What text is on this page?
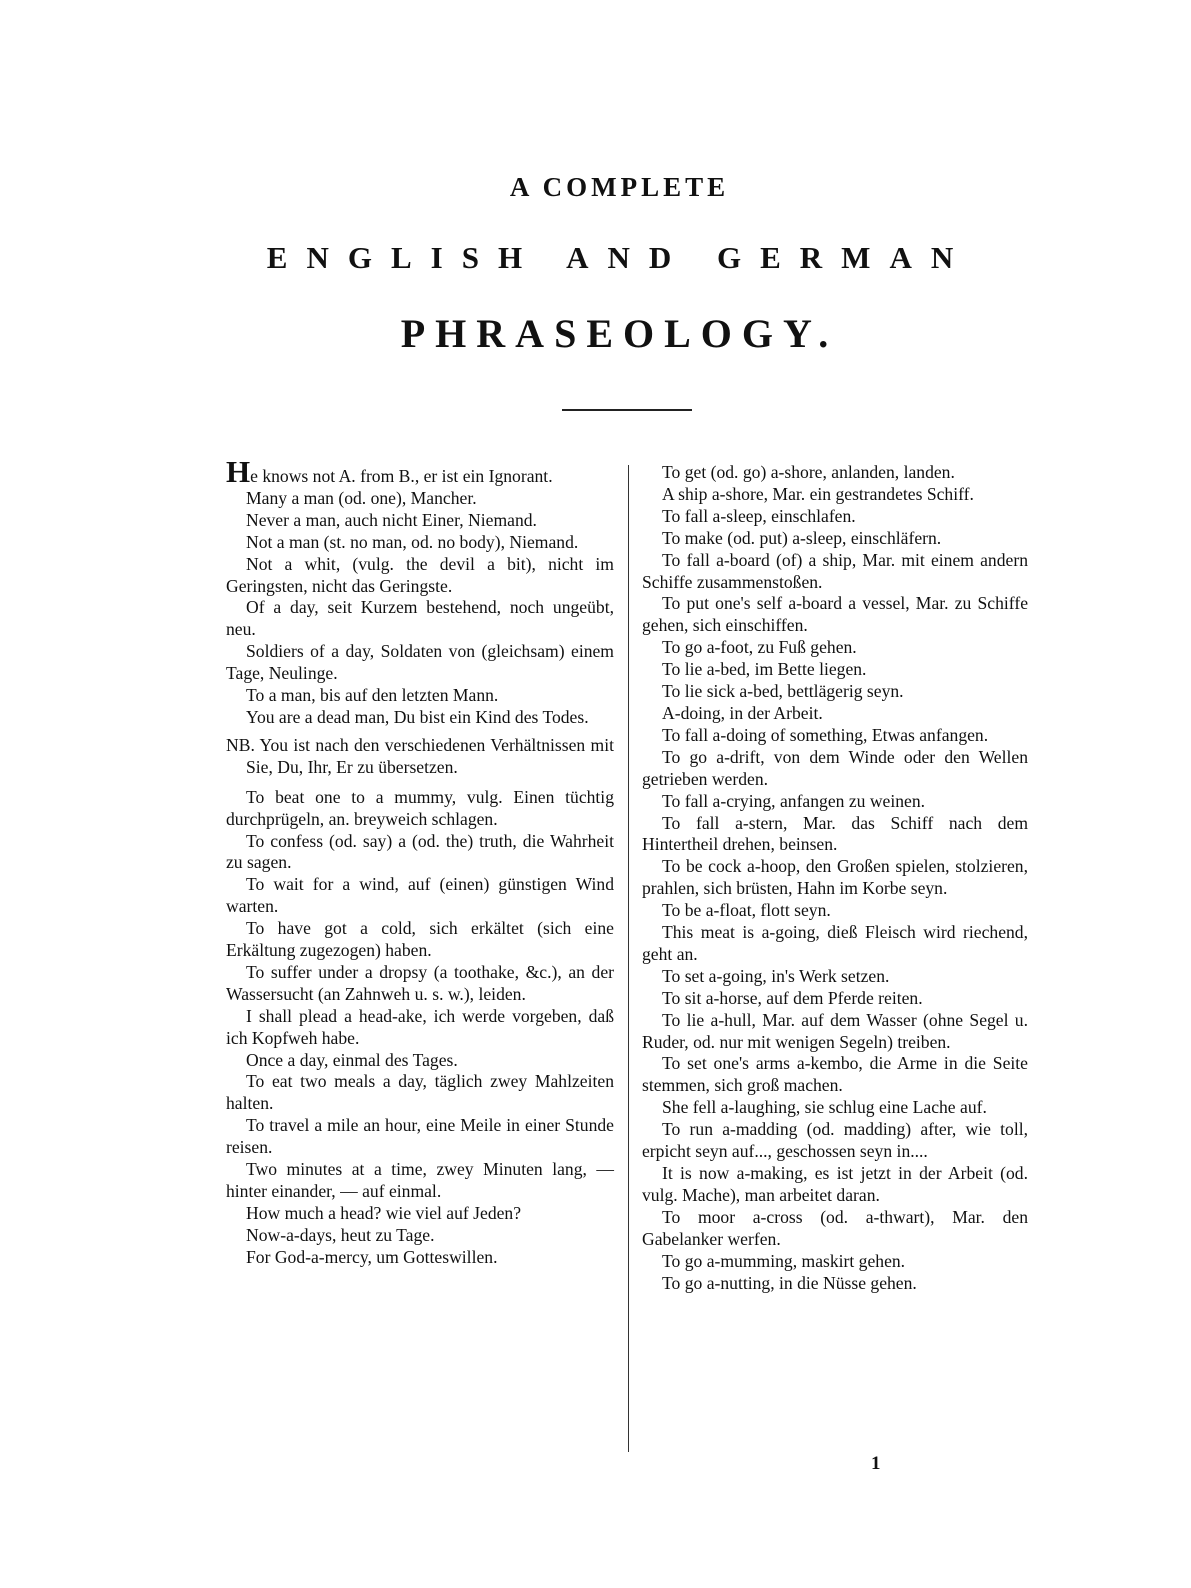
A COMPLETE
ENGLISH AND GERMAN
PHRASEOLOGY.

He knows not A. from B., er ist ein Ignorant.

Many a man (od. one), Mancher.

Never a man, auch nicht Einer, Niemand.

Not a man (st. no man, od. no body), Niemand.

Not a whit, (vulg. the devil a bit), nicht im Geringsten, nicht das Geringste.

Of a day, seit Kurzem bestehend, noch ungeübt, neu.

Soldiers of a day, Soldaten von (gleichsam) einem Tage, Neulinge.

To a man, bis auf den letzten Mann.

You are a dead man, Du bist ein Kind des Todes.

NB. You ist nach den verschiedenen Verhältnissen mit Sie, Du, Ihr, Er zu übersetzen.

To beat one to a mummy, vulg. Einen tüchtig durchprügeln, an. breyweich schlagen.

To confess (od. say) a (od. the) truth, die Wahrheit zu sagen.

To wait for a wind, auf (einen) günstigen Wind warten.

To have got a cold, sich erkältet (sich eine Erkältung zugezogen) haben.

To suffer under a dropsy (a toothake, &c.), an der Wassersucht (an Zahnweh u. s. w.), leiden.

I shall plead a head-ake, ich werde vorgeben, daß ich Kopfweh habe.

Once a day, einmal des Tages.

To eat two meals a day, täglich zwey Mahlzeiten halten.

To travel a mile an hour, eine Meile in einer Stunde reisen.

Two minutes at a time, zwey Minuten lang, — hinter einander, — auf einmal.

How much a head? wie viel auf Jeden?

Now-a-days, heut zu Tage.

For God-a-mercy, um Gotteswillen.

To get (od. go) a-shore, anlanden, landen.

A ship a-shore, Mar. ein gestrandetes Schiff.

To fall a-sleep, einschlafen.

To make (od. put) a-sleep, einschläfern.

To fall a-board (of) a ship, Mar. mit einem andern Schiffe zusammenstoßen.

To put one's self a-board a vessel, Mar. zu Schiffe gehen, sich einschiffen.

To go a-foot, zu Fuß gehen.

To lie a-bed, im Bette liegen.

To lie sick a-bed, bettlägerig seyn.

A-doing, in der Arbeit.

To fall a-doing of something, Etwas anfangen.

To go a-drift, von dem Winde oder den Wellen getrieben werden.

To fall a-crying, anfangen zu weinen.

To fall a-stern, Mar. das Schiff nach dem Hintertheil drehen, beinsen.

To be cock a-hoop, den Großen spielen, stolzieren, prahlen, sich brüsten, Hahn im Korbe seyn.

To be a-float, flott seyn.

This meat is a-going, dieß Fleisch wird riechend, geht an.

To set a-going, in's Werk setzen.

To sit a-horse, auf dem Pferde reiten.

To lie a-hull, Mar. auf dem Wasser (ohne Segel u. Ruder, od. nur mit wenigen Segeln) treiben.

To set one's arms a-kembo, die Arme in die Seite stemmen, sich groß machen.

She fell a-laughing, sie schlug eine Lache auf.

To run a-madding (od. madding) after, wie toll, erpicht seyn auf..., geschossen seyn in....

It is now a-making, es ist jetzt in der Arbeit (od. vulg. Mache), man arbeitet daran.

To moor a-cross (od. a-thwart), Mar. den Gabelanker werfen.

To go a-mumming, maskirt gehen.

To go a-nutting, in die Nüsse gehen.

1
